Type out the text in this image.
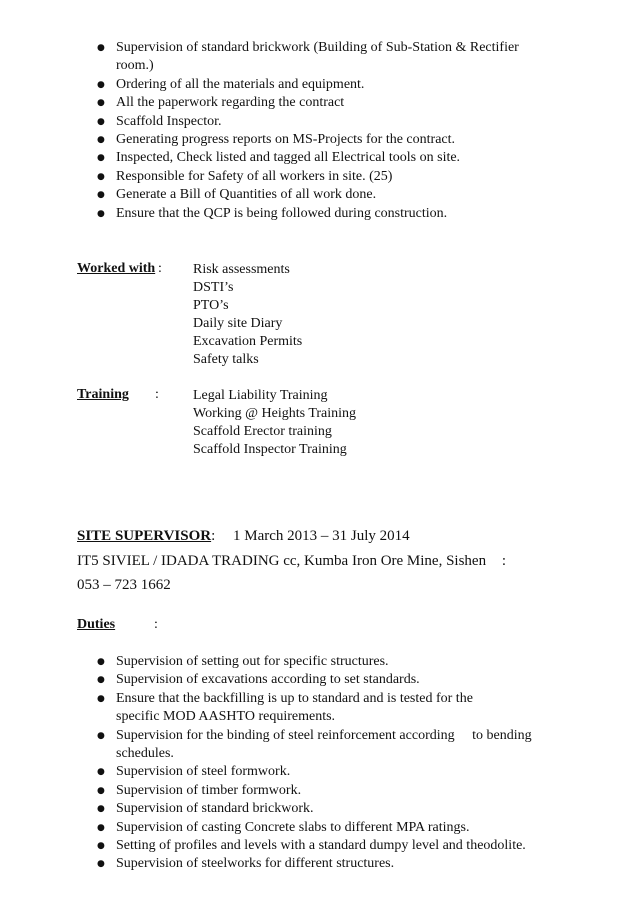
● Supervision of standard brickwork (Building of Sub-Station & Rectifier room.)
● Ordering of all the materials and equipment.
● All the paperwork regarding the contract
● Scaffold Inspector.
● Generating progress reports on MS-Projects for the contract.
● Inspected, Check listed and tagged all Electrical tools on site.
● Responsible for Safety of all workers in site. (25)
● Generate a Bill of Quantities of all work done.
● Ensure that the QCP is being followed during construction.
Worked with : Risk assessments
DSTI’s
PTO’s
Daily site Diary
Excavation Permits
Safety talks
Training : Legal Liability Training
Working @ Heights Training
Scaffold Erector training
Scaffold Inspector Training
SITE SUPERVISOR: 1 March 2013 – 31 July 2014
IT5 SIVIEL / IDADA TRADING cc, Kumba Iron Ore Mine, Sishen :
053 – 723 1662
Duties	:
● Supervision of setting out for specific structures.
● Supervision of excavations according to set standards.
● Ensure that the backfilling is up to standard and is tested for the specific MOD AASHTO requirements.
● Supervision for the binding of steel reinforcement according     to bending schedules.
● Supervision of steel formwork.
● Supervision of timber formwork.
● Supervision of standard brickwork.
● Supervision of casting Concrete slabs to different MPA ratings.
● Setting of profiles and levels with a standard dumpy level and theodolite.
● Supervision of steelworks for different structures.
